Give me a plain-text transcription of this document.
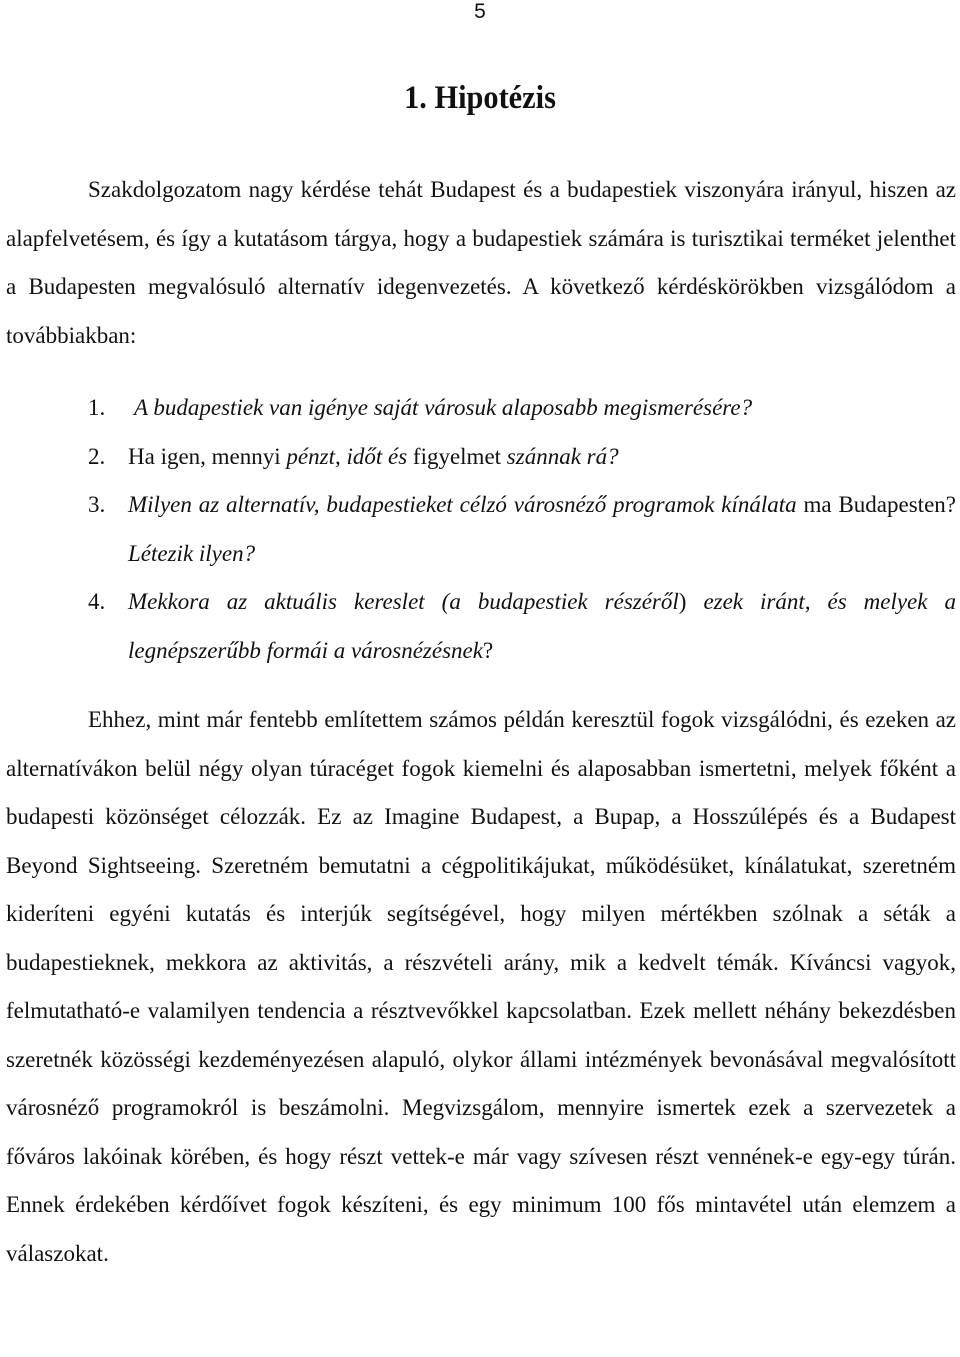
5
1. Hipotézis

Szakdolgozatom nagy kérdése tehát Budapest és a budapestiek viszonyára irányul, hiszen az alapfelvetésem, és így a kutatásom tárgya, hogy a budapestiek számára is turisztikai terméket jelenthet a Budapesten megvalósuló alternatív idegenvezetés. A következő kérdéskörökben vizsgálódom a továbbiakban:

1. A budapestiek van igénye saját városuk alaposabb megismerésére?
2. Ha igen, mennyi pénzt, időt és figyelmet szánnak rá?
3. Milyen az alternatív, budapestieket célzó városnéző programok kínálata ma Budapesten? Létezik ilyen?
4. Mekkora az aktuális kereslet (a budapestiek részéről) ezek iránt, és melyek a legnépszerűbb formái a városnézésnek?

Ehhez, mint már fentebb említettem számos példán keresztül fogok vizsgálódni, és ezeken az alternatívákon belül négy olyan túracéget fogok kiemelni és alaposabban ismertetni, melyek főként a budapesti közönséget célozzák. Ez az Imagine Budapest, a Bupap, a Hosszúlépés és a Budapest Beyond Sightseeing. Szeretném bemutatni a cégpolitikájukat, működésüket, kínálatukat, szeretném kideríteni egyéni kutatás és interjúk segítségével, hogy milyen mértékben szólnak a séták a budapestieknek, mekkora az aktivitás, a részvételi arány, mik a kedvelt témák. Kíváncsi vagyok, felmutatható-e valamilyen tendencia a résztvevőkkel kapcsolatban. Ezek mellett néhány bekezdésben szeretnék közösségi kezdeményezésen alapuló, olykor állami intézmények bevonásával megvalósított városnéző programokról is beszámolni. Megvizsgálom, mennyire ismertek ezek a szervezetek a főváros lakóinak körében, és hogy részt vettek-e már vagy szívesen részt vennének-e egy-egy túrán. Ennek érdekében kérdőívet fogok készíteni, és egy minimum 100 fős mintavétel után elemzem a válaszokat.
